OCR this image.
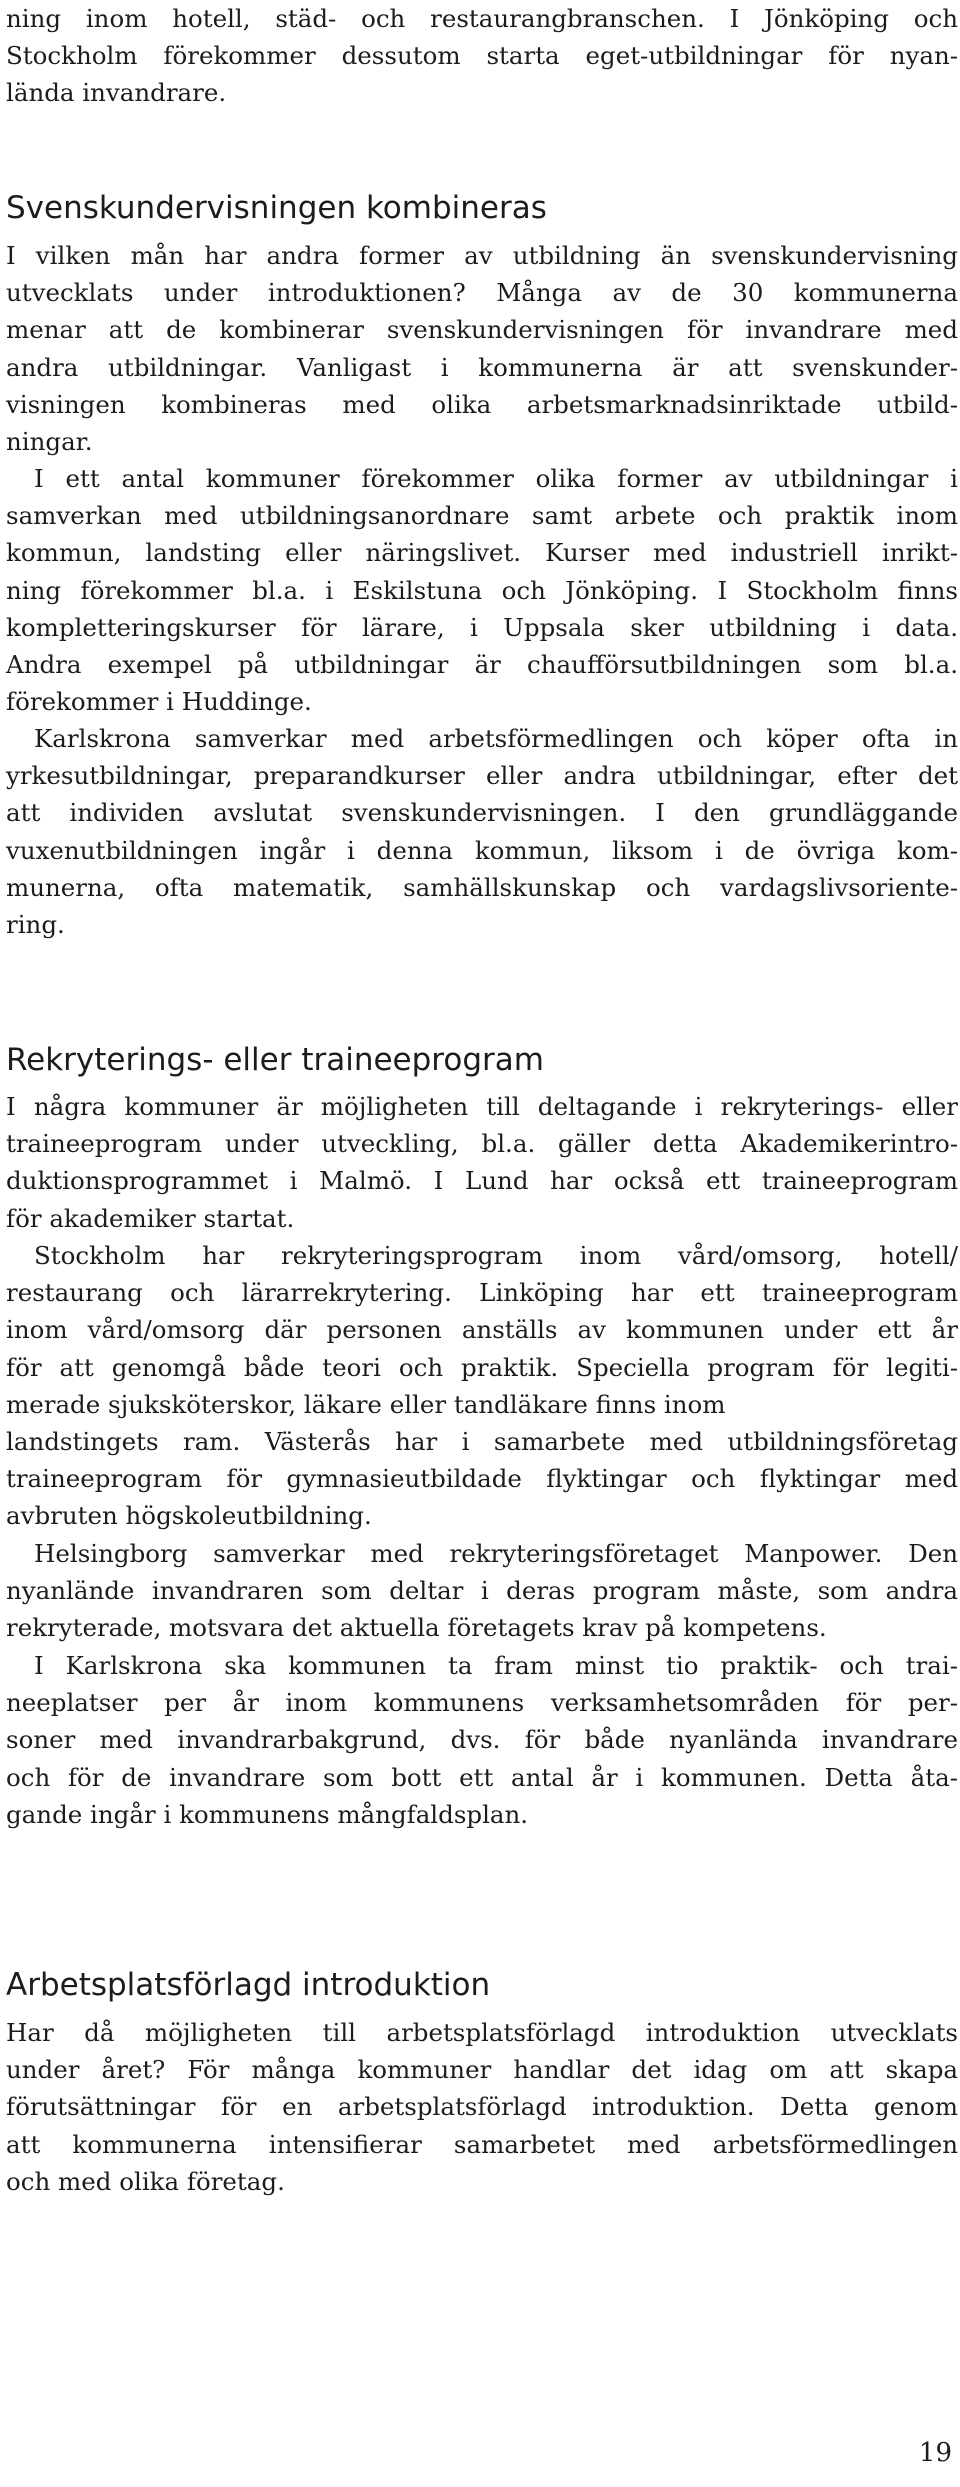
ning inom hotell, städ- och restaurangbranschen. I Jönköping och
Stockholm förekommer dessutom starta eget-utbildningar för nyan-
lända invandrare.
Svenskundervisningen kombineras
I vilken mån har andra former av utbildning än svenskundervisning
utvecklats under introduktionen? Många av de 30 kommunerna
menar att de kombinerar svenskundervisningen för invandrare med
andra utbildningar. Vanligast i kommunerna är att svenskunder-
visningen kombineras med olika arbetsmarknadsinriktade utbild-
ningar.
I ett antal kommuner förekommer olika former av utbildningar i
samverkan med utbildningsanordnare samt arbete och praktik inom
kommun, landsting eller näringslivet. Kurser med industriell inrikt-
ning förekommer bl.a. i Eskilstuna och Jönköping. I Stockholm finns
kompletteringskurser för lärare, i Uppsala sker utbildning i data.
Andra exempel på utbildningar är chaufförsutbildningen som bl.a.
förekommer i Huddinge.
Karlskrona samverkar med arbetsförmedlingen och köper ofta in
yrkesutbildningar, preparandkurser eller andra utbildningar, efter det
att individen avslutat svenskundervisningen. I den grundläggande
vuxenutbildningen ingår i denna kommun, liksom i de övriga kom-
munerna, ofta matematik, samhällskunskap och vardagslivsoriente-
ring.
Rekryterings- eller traineeprogram
I några kommuner är möjligheten till deltagande i rekryterings- eller
traineeprogram under utveckling, bl.a. gäller detta Akademikerintro-
duktionsprogrammet i Malmö. I Lund har också ett traineeprogram
för akademiker startat.
Stockholm har rekryteringsprogram inom vård/omsorg, hotell/
restaurang och lärarrekrytering. Linköping har ett traineeprogram
inom vård/omsorg där personen anställs av kommunen under ett år
för att genomgå både teori och praktik. Speciella program för legiti-
merade sjuksköterskor, läkare eller tandläkare finns inom
landstingets ram. Västerås har i samarbete med utbildningsföretag
traineeprogram för gymnasieutbildade flyktingar och flyktingar med
avbruten högskoleutbildning.
Helsingborg samverkar med rekryteringsföretaget Manpower. Den
nyanlände invandraren som deltar i deras program måste, som andra
rekryterade, motsvara det aktuella företagets krav på kompetens.
I Karlskrona ska kommunen ta fram minst tio praktik- och trai-
neeplatser per år inom kommunens verksamhetsområden för per-
soner med invandrarbakgrund, dvs. för både nyanlända invandrare
och för de invandrare som bott ett antal år i kommunen. Detta åta-
gande ingår i kommunens mångfaldsplan.
Arbetsplatsförlagd introduktion
Har då möjligheten till arbetsplatsförlagd introduktion utvecklats
under året? För många kommuner handlar det idag om att skapa
förutsättningar för en arbetsplatsförlagd introduktion. Detta genom
att kommunerna intensifierar samarbetet med arbetsförmedlingen
och med olika företag.
19
